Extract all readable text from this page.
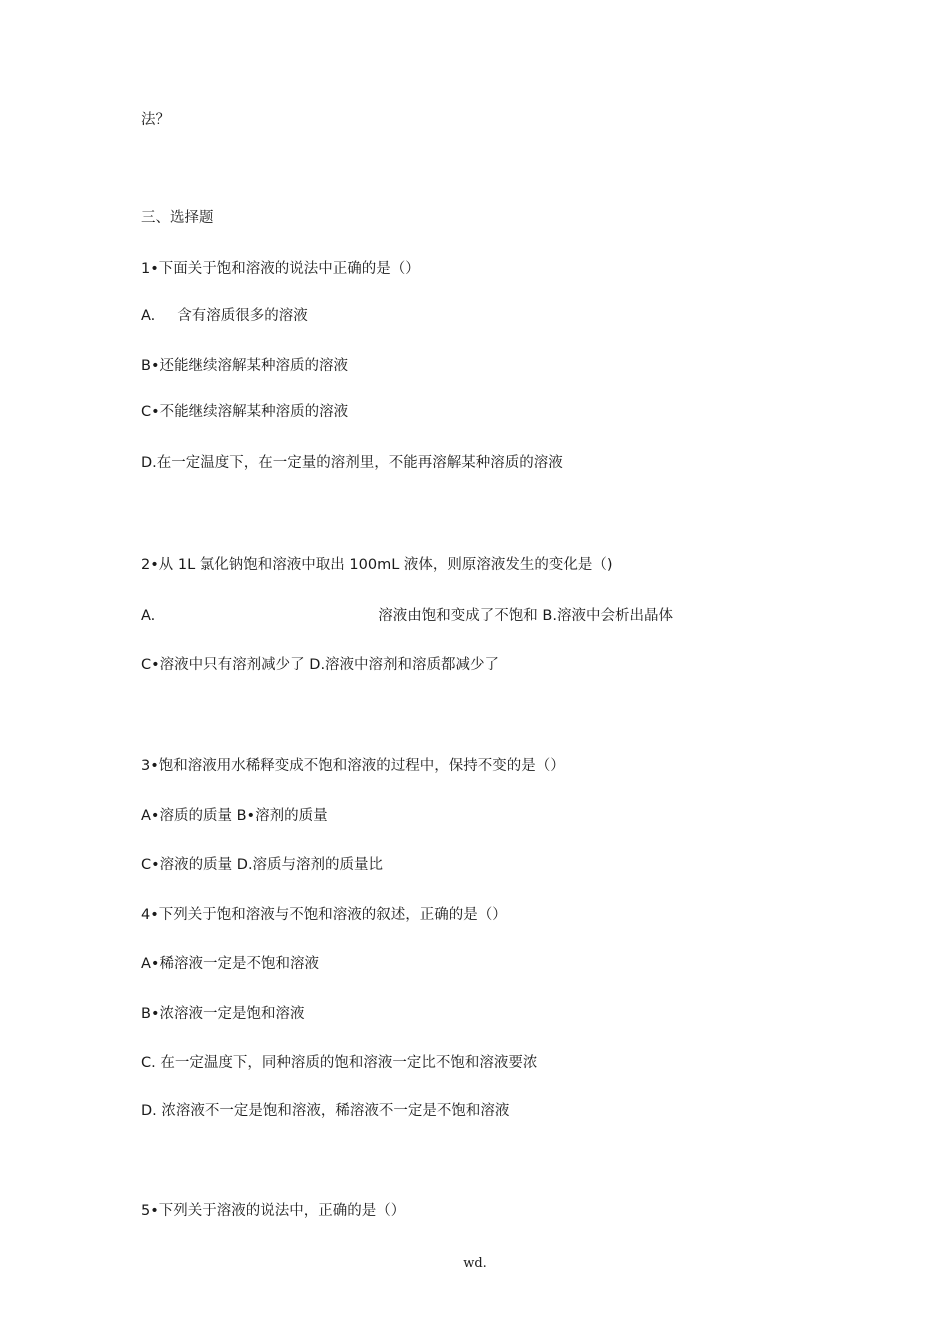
法？
三、选择题
1•下面关于饱和溶液的说法中正确的是（）
A. 含有溶质很多的溶液
B•还能继续溶解某种溶质的溶液
C•不能继续溶解某种溶质的溶液
D.在一定温度下，在一定量的溶剂里，不能再溶解某种溶质的溶液
2•从 1L 氯化钠饱和溶液中取出 100mL 液体，则原溶液发生的变化是（)
A.	溶液由饱和变成了不饱和 B.溶液中会析出晶体
C•溶液中只有溶剂减少了 D.溶液中溶剂和溶质都减少了
3•饱和溶液用水稀释变成不饱和溶液的过程中，保持不变的是（）
A•溶质的质量 B•溶剂的质量
C•溶液的质量 D.溶质与溶剂的质量比
4•下列关于饱和溶液与不饱和溶液的叙述，正确的是（）
A•稀溶液一定是不饱和溶液
B•浓溶液一定是饱和溶液
C. 在一定温度下，同种溶质的饱和溶液一定比不饱和溶液要浓
D. 浓溶液不一定是饱和溶液，稀溶液不一定是不饱和溶液
5•下列关于溶液的说法中，正确的是（）
wd.
